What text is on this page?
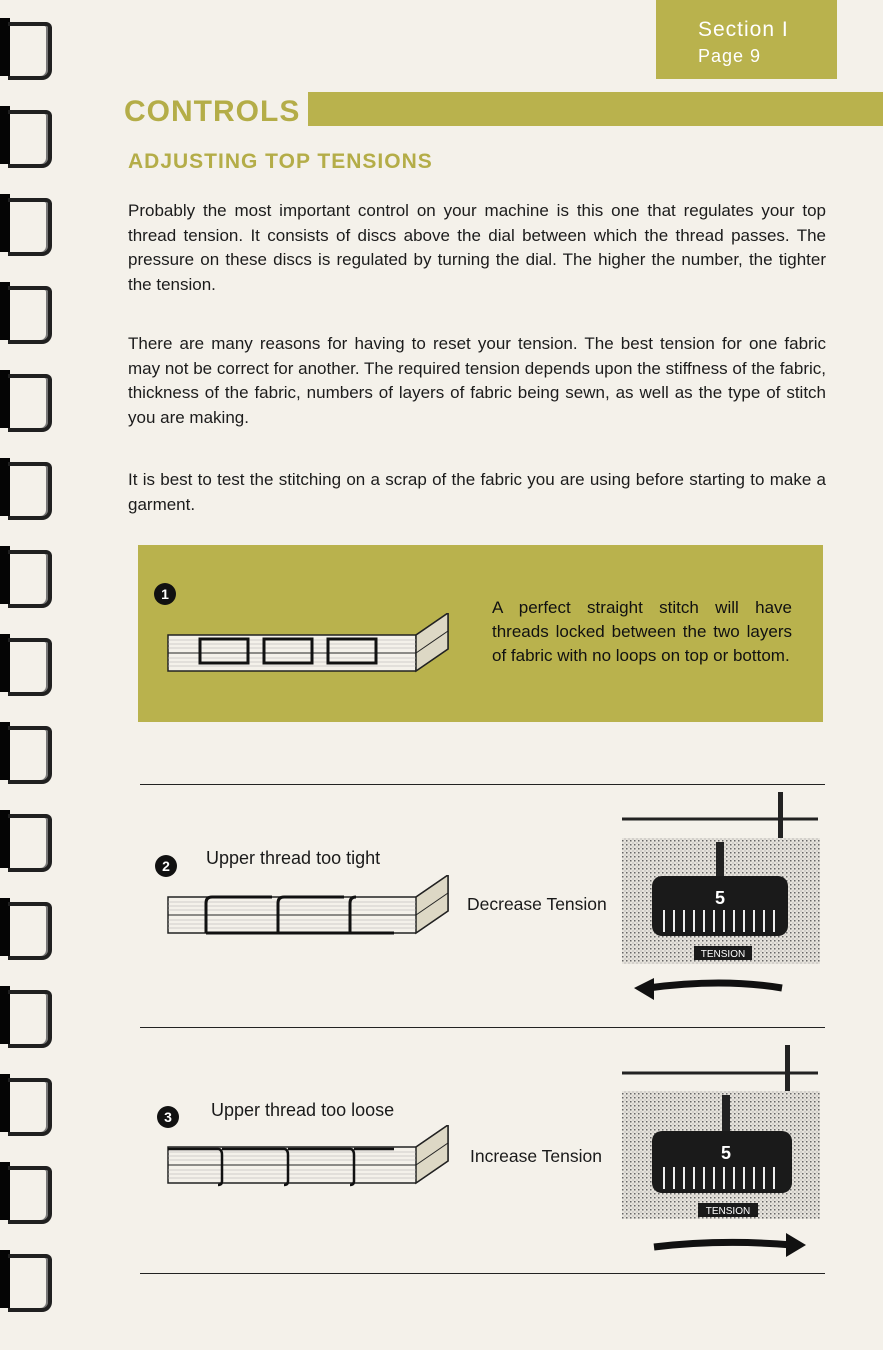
Section I
Page 9
CONTROLS
ADJUSTING TOP TENSIONS
Probably the most important control on your machine is this one that regulates your top thread tension. It consists of discs above the dial between which the thread passes. The pressure on these discs is regulated by turning the dial. The higher the number, the tighter the tension.
There are many reasons for having to reset your tension. The best tension for one fabric may not be correct for another. The required tension depends upon the stiffness of the fabric, thickness of the fabric, numbers of layers of fabric being sewn, as well as the type of stitch you are making.
It is best to test the stitching on a scrap of the fabric you are using before starting to make a garment.
1
A perfect straight stitch will have threads locked between the two layers of fabric with no loops on top or bottom.
2	Upper thread too tight
Decrease Tension	5
TENSION
3	Upper thread too loose
Increase Tension	5
TENSION
